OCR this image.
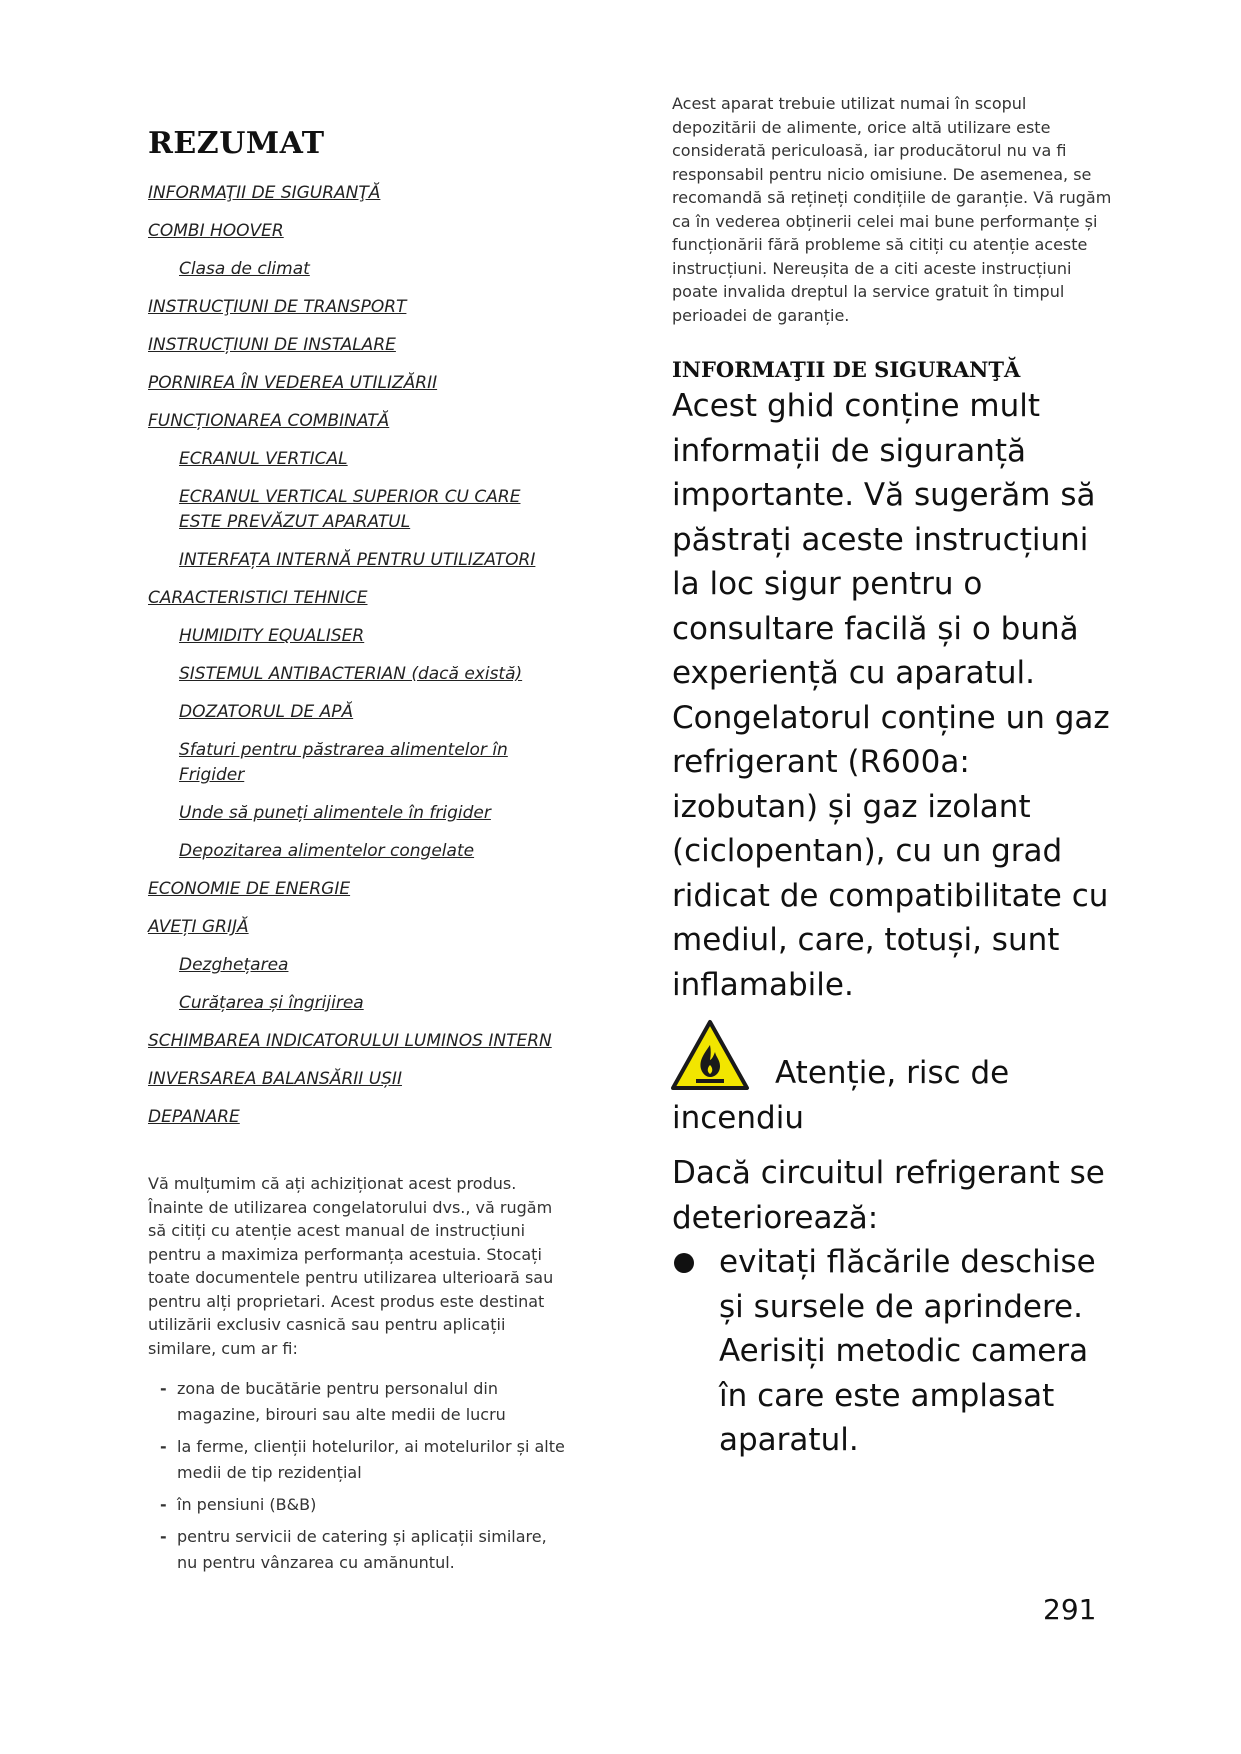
REZUMAT
INFORMAŢII DE SIGURANŢĂ
COMBI HOOVER
Clasa de climat
INSTRUCŢIUNI DE TRANSPORT
INSTRUCȚIUNI DE INSTALARE
PORNIREA ÎN VEDEREA UTILIZĂRII
FUNCȚIONAREA COMBINATĂ
ECRANUL VERTICAL
ECRANUL VERTICAL SUPERIOR CU CARE ESTE PREVĂZUT APARATUL
INTERFAȚA INTERNĂ PENTRU UTILIZATORI
CARACTERISTICI TEHNICE
HUMIDITY EQUALISER
SISTEMUL ANTIBACTERIAN (dacă există)
DOZATORUL DE APĂ
Sfaturi pentru păstrarea alimentelor în Frigider
Unde să puneți alimentele în frigider
Depozitarea alimentelor congelate
ECONOMIE DE ENERGIE
AVEȚI GRIJĂ
Dezghețarea
Curățarea și îngrijirea
SCHIMBAREA INDICATORULUI LUMINOS INTERN
INVERSAREA BALANSĂRII UȘII
DEPANARE

Vă mulțumim că ați achiziționat acest produs. Înainte de utilizarea congelatorului dvs., vă rugăm să citiți cu atenție acest manual de instrucțiuni pentru a maximiza performanța acestuia. Stocați toate documentele pentru utilizarea ulterioară sau pentru alți proprietari. Acest produs este destinat utilizării exclusiv casnică sau pentru aplicații similare, cum ar fi:

- zona de bucătărie pentru personalul din magazine, birouri sau alte medii de lucru
- la ferme, clienții hotelurilor, ai motelurilor și alte medii de tip rezidențial
- în pensiuni (B&B)
- pentru servicii de catering și aplicații similare, nu pentru vânzarea cu amănuntul.

Acest aparat trebuie utilizat numai în scopul depozitării de alimente, orice altă utilizare este considerată periculoasă, iar producătorul nu va fi responsabil pentru nicio omisiune. De asemenea, se recomandă să rețineți condițiile de garanție. Vă rugăm ca în vederea obținerii celei mai bune performanțe și funcționării fără probleme să citiți cu atenție aceste instrucțiuni. Nereușita de a citi aceste instrucțiuni poate invalida dreptul la service gratuit în timpul perioadei de garanție.

INFORMAŢII DE SIGURANŢĂ

Acest ghid conține mult informații de siguranță importante. Vă sugerăm să păstrați aceste instrucțiuni la loc sigur pentru o consultare facilă și o bună experiență cu aparatul. Congelatorul conține un gaz refrigerant (R600a: izobutan) și gaz izolant (ciclopentan), cu un grad ridicat de compatibilitate cu mediul, care, totuși, sunt inflamabile.

Atenție, risc de incendiu

Dacă circuitul refrigerant se deteriorează:

evitați flăcările deschise și sursele de aprindere. Aerisiți metodic camera în care este amplasat aparatul.
291
